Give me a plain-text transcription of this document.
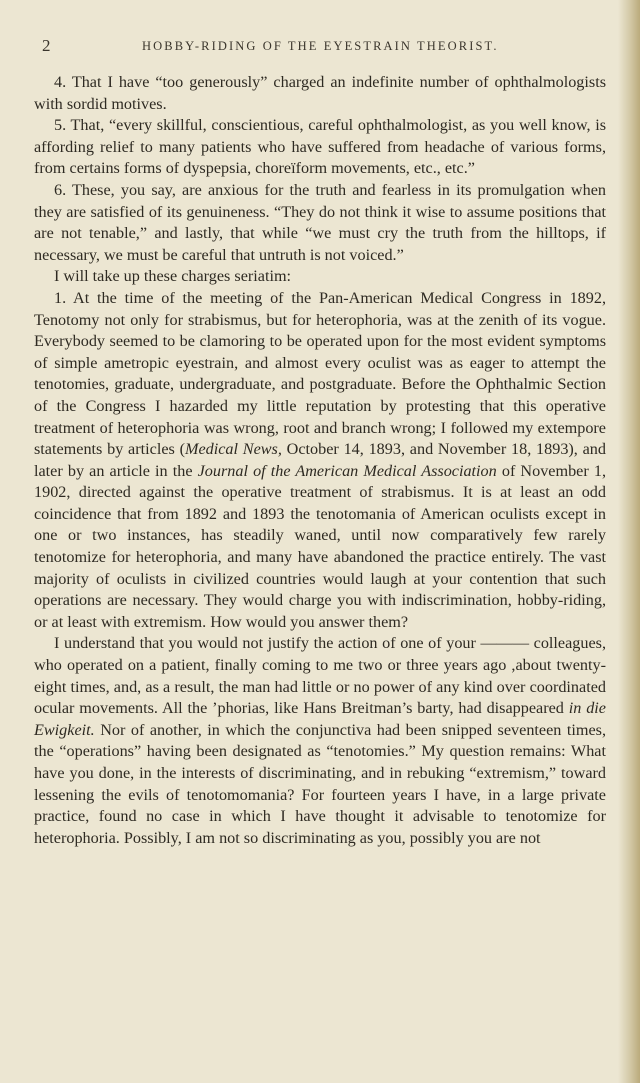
2	HOBBY-RIDING OF THE EYESTRAIN THEORIST.

4. That I have “too generously” charged an indefinite number of ophthalmologists with sordid motives.

5. That, “every skillful, conscientious, careful ophthalmologist, as you well know, is affording relief to many patients who have suffered from headache of various forms, from certains forms of dyspepsia, choreïform movements, etc., etc.”

6. These, you say, are anxious for the truth and fearless in its promulgation when they are satisfied of its genuineness. “They do not think it wise to assume positions that are not tenable,” and lastly, that while “we must cry the truth from the hilltops, if necessary, we must be careful that untruth is not voiced.”

I will take up these charges seriatim:

1. At the time of the meeting of the Pan-American Medical Congress in 1892, Tenotomy not only for strabismus, but for heterophoria, was at the zenith of its vogue. Everybody seemed to be clamoring to be operated upon for the most evident symptoms of simple ametropic eyestrain, and almost every oculist was as eager to attempt the tenotomies, graduate, undergraduate, and postgraduate. Before the Ophthalmic Section of the Congress I hazarded my little reputation by protesting that this operative treatment of heterophoria was wrong, root and branch wrong; I followed my extempore statements by articles (Medical News, October 14, 1893, and November 18, 1893), and later by an article in the Journal of the American Medical Association of November 1, 1902, directed against the operative treatment of strabismus. It is at least an odd coincidence that from 1892 and 1893 the tenotomania of American oculists except in one or two instances, has steadily waned, until now comparatively few rarely tenotomize for heterophoria, and many have abandoned the practice entirely. The vast majority of oculists in civilized countries would laugh at your contention that such operations are necessary. They would charge you with indiscrimination, hobby-riding, or at least with extremism. How would you answer them?

I understand that you would not justify the action of one of your ——— colleagues, who operated on a patient, finally coming to me two or three years ago ,about twenty-eight times, and, as a result, the man had little or no power of any kind over coordinated ocular movements. All the ’phorias, like Hans Breitman’s barty, had disappeared in die Ewigkeit. Nor of another, in which the conjunctiva had been snipped seventeen times, the “operations” having been designated as “tenotomies.” My question remains: What have you done, in the interests of discriminating, and in rebuking “extremism,” toward lessening the evils of tenotomomania? For fourteen years I have, in a large private practice, found no case in which I have thought it advisable to tenotomize for heterophoria. Possibly, I am not so discriminating as you, possibly you are not
